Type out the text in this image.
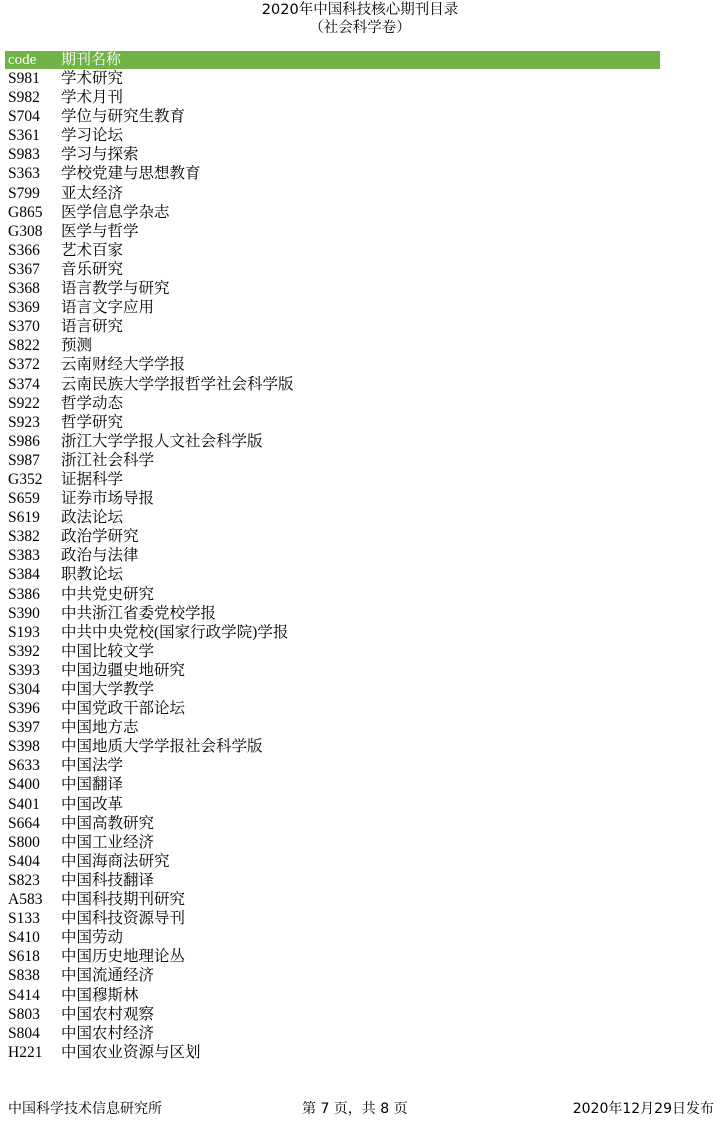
2020年中国科技核心期刊目录
（社会科学卷）
code 期刊名称
S981 学术研究
S982 学术月刊
S704 学位与研究生教育
S361 学习论坛
S983 学习与探索
S363 学校党建与思想教育
S799 亚太经济
G865 医学信息学杂志
G308 医学与哲学
S366 艺术百家
S367 音乐研究
S368 语言教学与研究
S369 语言文字应用
S370 语言研究
S822 预测
S372 云南财经大学学报
S374 云南民族大学学报哲学社会科学版
S922 哲学动态
S923 哲学研究
S986 浙江大学学报人文社会科学版
S987 浙江社会科学
G352 证据科学
S659 证券市场导报
S619 政法论坛
S382 政治学研究
S383 政治与法律
S384 职教论坛
S386 中共党史研究
S390 中共浙江省委党校学报
S193 中共中央党校(国家行政学院)学报
S392 中国比较文学
S393 中国边疆史地研究
S304 中国大学教学
S396 中国党政干部论坛
S397 中国地方志
S398 中国地质大学学报社会科学版
S633 中国法学
S400 中国翻译
S401 中国改革
S664 中国高教研究
S800 中国工业经济
S404 中国海商法研究
S823 中国科技翻译
A583 中国科技期刊研究
S133 中国科技资源导刊
S410 中国劳动
S618 中国历史地理论丛
S838 中国流通经济
S414 中国穆斯林
S803 中国农村观察
S804 中国农村经济
H221 中国农业资源与区划
中国科学技术信息研究所	第 7 页，共 8 页	2020年12月29日发布
